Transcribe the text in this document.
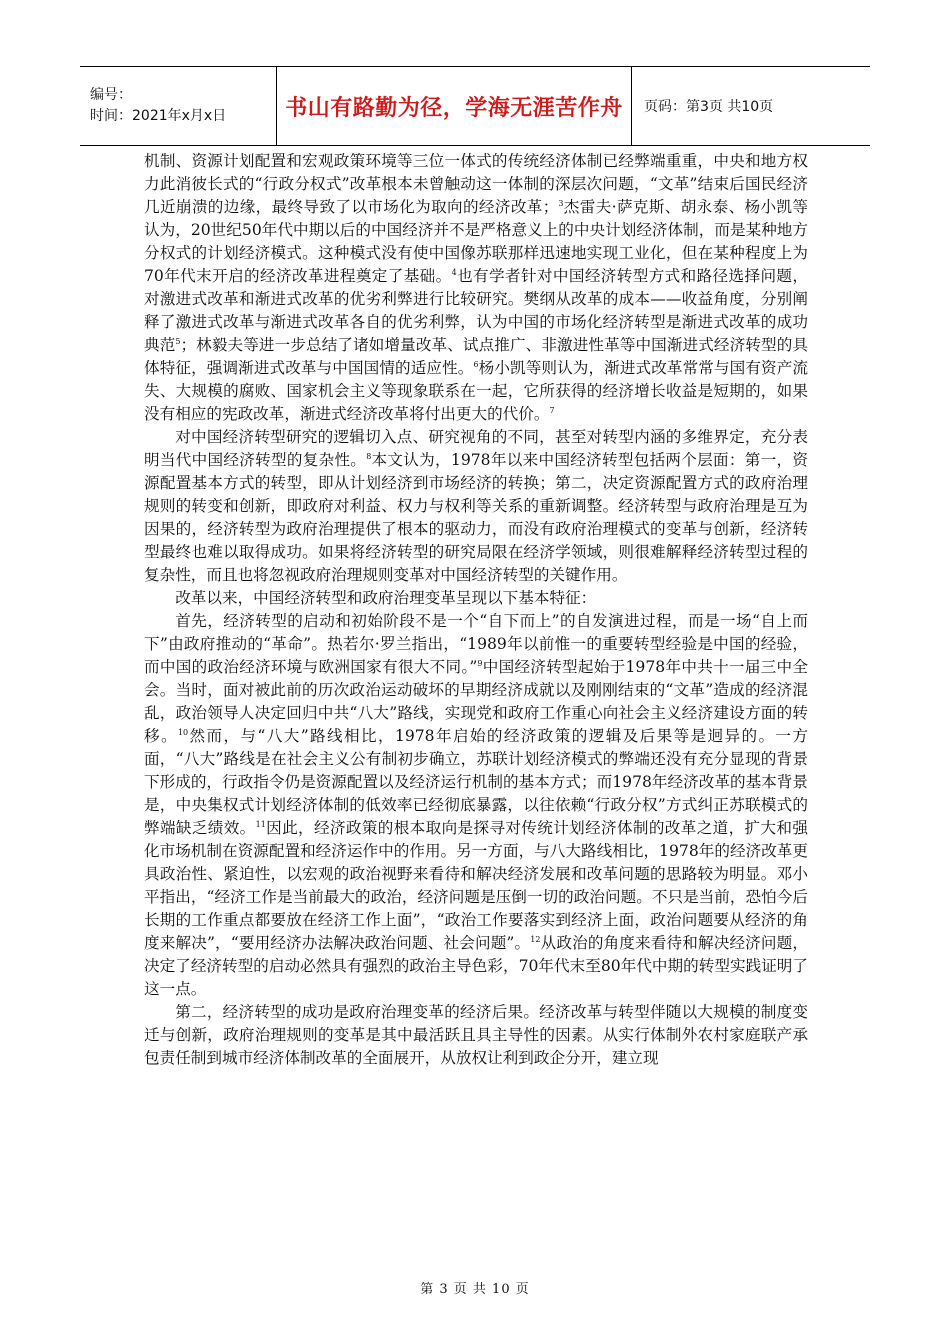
编号：
时间：2021年x月x日	书山有路勤为径，学海无涯苦作舟 页码：第3页 共10页

机制、资源计划配置和宏观政策环境等三位一体式的传统经济体制已经弊端重重，中央和地方权力此消彼长式的“行政分权式”改革根本未曾触动这一体制的深层次问题，“文革”结束后国民经济几近崩溃的边缘，最终导致了以市场化为取向的经济改革；$^3$杰雷夫·萨克斯、胡永泰、杨小凯等认为，20世纪50年代中期以后的中国经济并不是严格意义上的中央计划经济体制，而是某种地方分权式的计划经济模式。这种模式没有使中国像苏联那样迅速地实现工业化，但在某种程度上为70年代末开启的经济改革进程奠定了基础。$^4$也有学者针对中国经济转型方式和路径选择问题，对激进式改革和渐进式改革的优劣利弊进行比较研究。樊纲从改革的成本——收益角度，分别阐释了激进式改革与渐进式改革各自的优劣利弊，认为中国的市场化经济转型是渐进式改革的成功典范$^5$；林毅夫等进一步总结了诸如增量改革、试点推广、非激进性革等中国渐进式经济转型的具体特征，强调渐进式改革与中国国情的适应性。$^6$杨小凯等则认为，渐进式改革常常与国有资产流失、大规模的腐败、国家机会主义等现象联系在一起，它所获得的经济增长收益是短期的，如果没有相应的宪政改革，渐进式经济改革将付出更大的代价。$^7$

对中国经济转型研究的逻辑切入点、研究视角的不同，甚至对转型内涵的多维界定，充分表明当代中国经济转型的复杂性。$^8$本文认为，1978年以来中国经济转型包括两个层面：第一，资源配置基本方式的转型，即从计划经济到市场经济的转换；第二，决定资源配置方式的政府治理规则的转变和创新，即政府对利益、权力与权利等关系的重新调整。经济转型与政府治理是互为因果的，经济转型为政府治理提供了根本的驱动力，而没有政府治理模式的变革与创新，经济转型最终也难以取得成功。如果将经济转型的研究局限在经济学领域，则很难解释经济转型过程的复杂性，而且也将忽视政府治理规则变革对中国经济转型的关键作用。

改革以来，中国经济转型和政府治理变革呈现以下基本特征：

首先，经济转型的启动和初始阶段不是一个“自下而上”的自发演进过程，而是一场“自上而下”由政府推动的“革命”。热若尔·罗兰指出，“1989年以前惟一的重要转型经验是中国的经验，而中国的政治经济环境与欧洲国家有很大不同。”$^9$中国经济转型起始于1978年中共十一届三中全会。当时，面对被此前的历次政治运动破坏的早期经济成就以及刚刚结束的“文革”造成的经济混乱，政治领导人决定回归中共“八大”路线，实现党和政府工作重心向社会主义经济建设方面的转移。$^{10}$然而，与“八大”路线相比，1978年启始的经济政策的逻辑及后果等是迥异的。一方面，“八大”路线是在社会主义公有制初步确立，苏联计划经济模式的弊端还没有充分显现的背景下形成的，行政指令仍是资源配置以及经济运行机制的基本方式；而1978年经济改革的基本背景是，中央集权式计划经济体制的低效率已经彻底暴露，以往依赖“行政分权”方式纠正苏联模式的弊端缺乏绩效。$^{11}$因此，经济政策的根本取向是探寻对传统计划经济体制的改革之道，扩大和强化市场机制在资源配置和经济运作中的作用。另一方面，与八大路线相比，1978年的经济改革更具政治性、紧迫性，以宏观的政治视野来看待和解决经济发展和改革问题的思路较为明显。邓小平指出，“经济工作是当前最大的政治，经济问题是压倒一切的政治问题。不只是当前，恐怕今后长期的工作重点都要放在经济工作上面”，“政治工作要落实到经济上面，政治问题要从经济的角度来解决”，“要用经济办法解决政治问题、社会问题”。$^{12}$从政治的角度来看待和解决经济问题，决定了经济转型的启动必然具有强烈的政治主导色彩，70年代末至80年代中期的转型实践证明了这一点。

第二，经济转型的成功是政府治理变革的经济后果。经济改革与转型伴随以大规模的制度变迁与创新，政府治理规则的变革是其中最活跃且具主导性的因素。从实行体制外农村家庭联产承包责任制到城市经济体制改革的全面展开，从放权让利到政企分开，建立现

第 3 页 共 10 页
